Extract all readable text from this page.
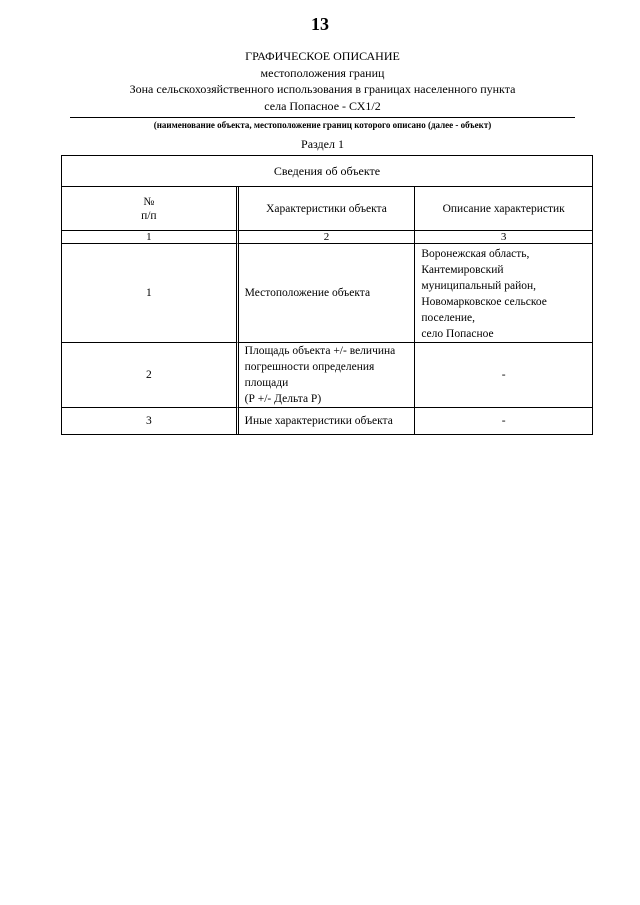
13
ГРАФИЧЕСКОЕ ОПИСАНИЕ
местоположения границ
Зона сельскохозяйственного использования в границах населенного пункта
села Попасное - СХ1/2
(наименование объекта, местоположение границ которого описано (далее - объект)
Раздел 1
Сведения об объекте		

№
п/п	Характеристики объекта	Описание характеристик
1	2	3
1	Местоположение объекта	Воронежская область,
Кантемировский муниципальный район,
Новомарковское сельское поселение,
село Попасное

2	Площадь объекта +/- величина
погрешности определения площади
(Р +/- Дельта Р)	-
3	Иные характеристики объекта	-
